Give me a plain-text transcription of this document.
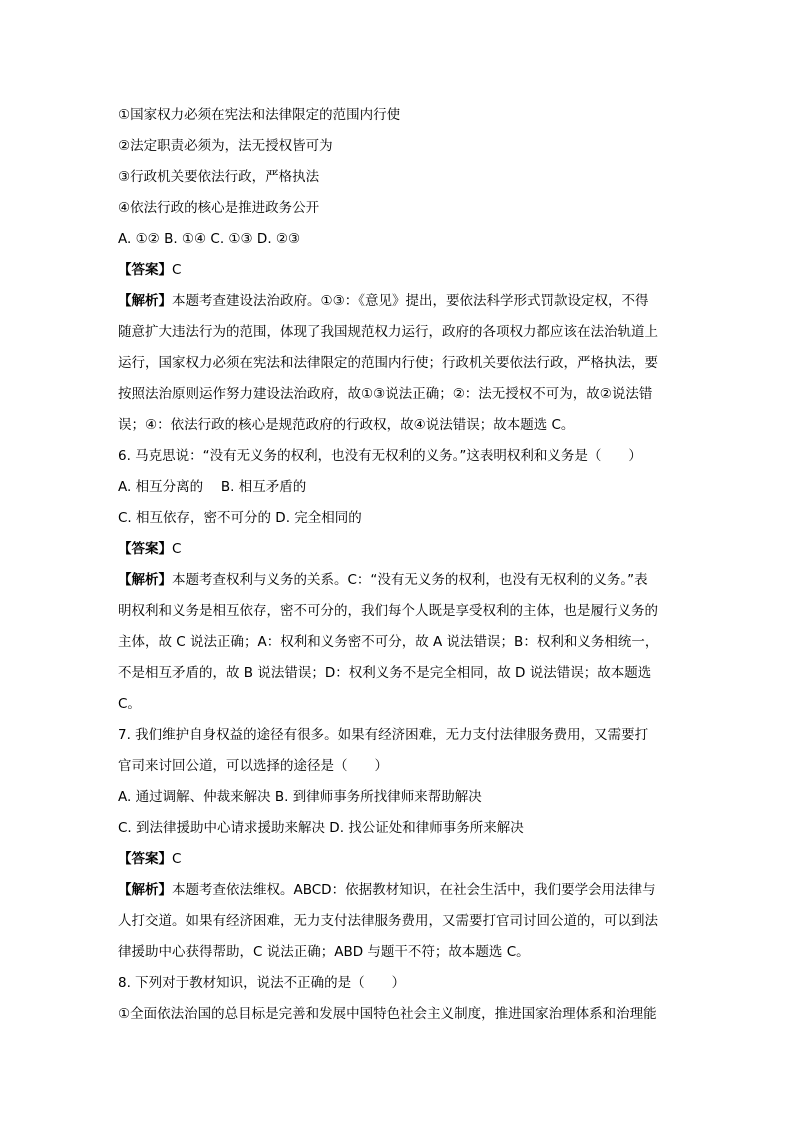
①国家权力必须在宪法和法律限定的范围内行使
②法定职责必须为，法无授权皆可为
③行政机关要依法行政，严格执法
④依法行政的核心是推进政务公开
A. ①② B. ①④ C. ①③ D. ②③
【答案】C
【解析】本题考查建设法治政府。①③：《意见》提出，要依法科学形式罚款设定权，不得
随意扩大违法行为的范围，体现了我国规范权力运行，政府的各项权力都应该在法治轨道上
运行，国家权力必须在宪法和法律限定的范围内行使；行政机关要依法行政，严格执法，要
按照法治原则运作努力建设法治政府，故①③说法正确；②：法无授权不可为，故②说法错
误；④：依法行政的核心是规范政府的行政权，故④说法错误；故本题选 C。
6. 马克思说：“没有无义务的权利，也没有无权利的义务。”这表明权利和义务是（　　）
A. 相互分离的　 B. 相互矛盾的
C. 相互依存，密不可分的 D. 完全相同的
【答案】C
【解析】本题考查权利与义务的关系。C：“没有无义务的权利，也没有无权利的义务。”表
明权利和义务是相互依存，密不可分的，我们每个人既是享受权利的主体，也是履行义务的
主体，故 C 说法正确；A：权利和义务密不可分，故 A 说法错误；B：权利和义务相统一，
不是相互矛盾的，故 B 说法错误；D：权利义务不是完全相同，故 D 说法错误；故本题选
C。
7. 我们维护自身权益的途径有很多。如果有经济困难，无力支付法律服务费用，又需要打
官司来讨回公道，可以选择的途径是（　　）
A. 通过调解、仲裁来解决 B. 到律师事务所找律师来帮助解决
C. 到法律援助中心请求援助来解决 D. 找公证处和律师事务所来解决
【答案】C
【解析】本题考查依法维权。ABCD：依据教材知识，在社会生活中，我们要学会用法律与
人打交道。如果有经济困难，无力支付法律服务费用，又需要打官司讨回公道的，可以到法
律援助中心获得帮助，C 说法正确；ABD 与题干不符；故本题选 C。
8. 下列对于教材知识，说法不正确的是（　　）
①全面依法治国的总目标是完善和发展中国特色社会主义制度，推进国家治理体系和治理能
